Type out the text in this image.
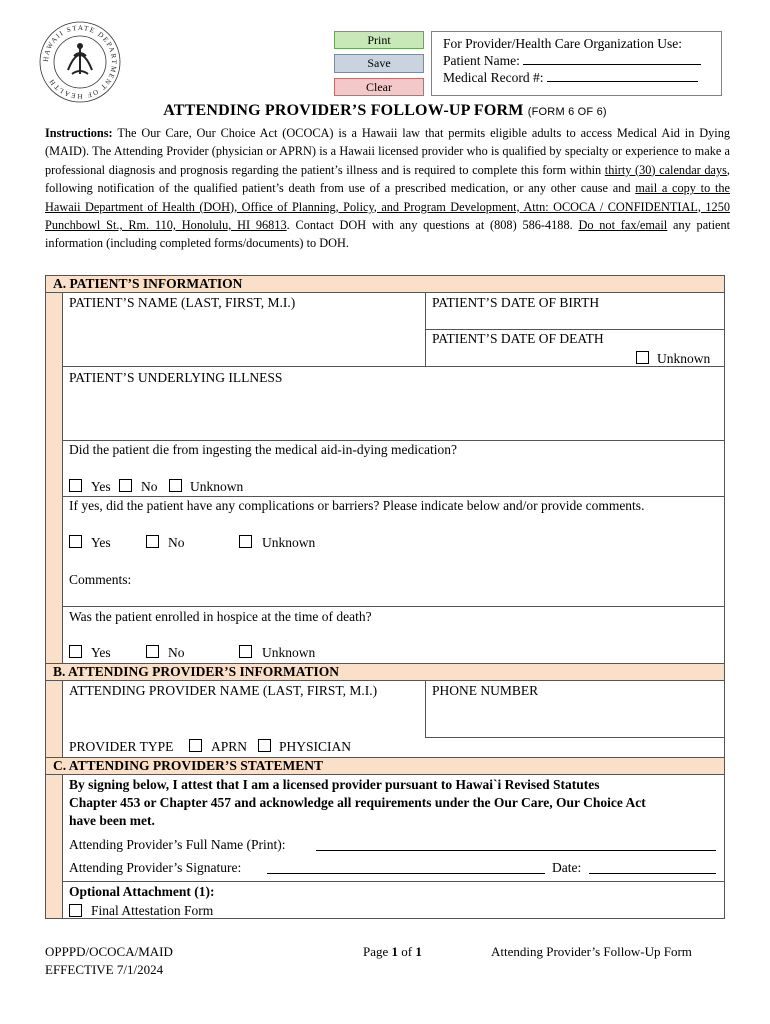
HAWAII STATE DEPARTMENT OF HEALTH
Print
Save
Clear
For Provider/Health Care Organization Use:
Patient Name:
Medical Record #:
ATTENDING PROVIDER’S FOLLOW-UP FORM (FORM 6 OF 6)
Instructions: The Our Care, Our Choice Act (OCOCA) is a Hawaii law that permits eligible adults to access Medical Aid in Dying (MAID). The Attending Provider (physician or APRN) is a Hawaii licensed provider who is qualified by specialty or experience to make a professional diagnosis and prognosis regarding the patient’s illness and is required to complete this form within thirty (30) calendar days, following notification of the qualified patient’s death from use of a prescribed medication, or any other cause and mail a copy to the Hawaii Department of Health (DOH), Office of Planning, Policy, and Program Development, Attn: OCOCA / CONFIDENTIAL, 1250 Punchbowl St., Rm. 110, Honolulu, HI 96813. Contact DOH with any questions at (808) 586-4188. Do not fax/email any patient information (including completed forms/documents) to DOH.
A. PATIENT’S INFORMATION
PATIENT’S NAME (LAST, FIRST, M.I.)	PATIENT’S DATE OF BIRTH
PATIENT’S DATE OF DEATH
Unknown
PATIENT’S UNDERLYING ILLNESS
Did the patient die from ingesting the medical aid-in-dying medication?
Yes No Unknown
If yes, did the patient have any complications or barriers? Please indicate below and/or provide comments.
Yes	No	Unknown
Comments:
Was the patient enrolled in hospice at the time of death?
Yes	No	Unknown
B. ATTENDING PROVIDER’S INFORMATION
ATTENDING PROVIDER NAME (LAST, FIRST, M.I.)	PHONE NUMBER
PROVIDER TYPE	APRN PHYSICIAN
C. ATTENDING PROVIDER’S STATEMENT
By signing below, I attest that I am a licensed provider pursuant to Hawai`i Revised Statutes
Chapter 453 or Chapter 457 and acknowledge all requirements under the Our Care, Our Choice Act
have been met.
Attending Provider’s Full Name (Print):
Attending Provider’s Signature:	Date:
Optional Attachment (1):
Final Attestation Form
OPPPD/OCOCA/MAID
EFFECTIVE 7/1/2024
Page 1 of 1	Attending Provider’s Follow-Up Form
